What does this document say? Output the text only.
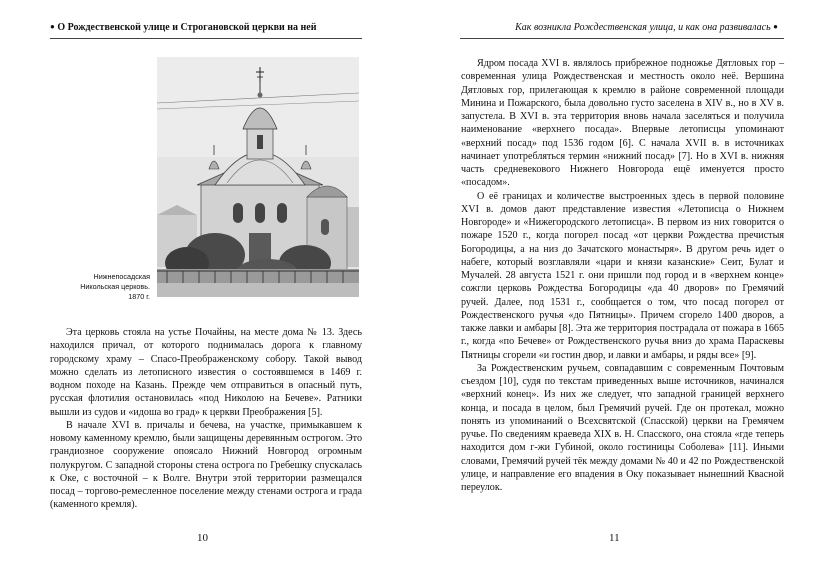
● О Рождественской улице и Строгановской церкви на ней
Нижнепосадская
Никольская церковь.
1870 г.

Эта церковь стояла на устье Почайны, на месте дома № 13. Здесь находился причал, от которого поднималась дорога к главному городскому храму – Спасо-Преображенскому собору. Такой вывод можно сделать из летописного известия о состоявшемся в 1469 г. водном походе на Казань. Прежде чем отправиться в опасный путь, русская флотилия остановилась «под Николою на Бечеве». Ратники вышли из судов и «идоша во град» к церкви Преображения [5].

В начале XVI в. причалы и бечева, на участке, примыкавшем к новому каменному кремлю, были защищены деревянным острогом. Это грандиозное сооружение опоясало Нижний Новгород огромным полукругом. С западной стороны стена острога по Гребешку спускалась к Оке, с восточной – к Волге. Внутри этой территории размещался посад – торгово-ремесленное поселение между стенами острога и града (каменного кремля).

10
Как возникла Рождественская улица, и как она развивалась ●

Ядром посада XVI в. являлось прибрежное подножье Дятловых гор – современная улица Рождественская и местность около неё. Вершина Дятловых гор, прилегающая к кремлю в районе современной площади Минина и Пожарского, была довольно густо заселена в XIV в., но в XV в. запустела. В XVI в. эта территория вновь начала заселяться и получила наименование «верхнего посада». Впервые летописцы упоминают «верхний посад» под 1536 годом [6]. С начала XVII в. в источниках начинает употребляться термин «нижний посад» [7]. Но в XVI в. нижняя часть средневекового Нижнего Новгорода ещё именуется просто «посадом».

О её границах и количестве выстроенных здесь в первой половине XVI в. домов дают представление известия «Летописца о Нижнем Новгороде» и «Нижегородского летописца». В первом из них говорится о пожаре 1520 г., когда погорел посад «от церкви Рождества пречистыя Богородицы, а на низ до Зачатского монастыря». В другом речь идет о набеге, который возглавляли «цари и князи казанские» Сеит, Булат и Мучалей. 28 августа 1521 г. они пришли под город и в «верхнем конце» сожгли церковь Рождества Богородицы «да 40 дворов» по Гремячий ручей. Далее, под 1531 г., сообщается о том, что посад погорел от Рождественского ручья «до Пятницы». Причем сгорело 1400 дворов, а также лавки и амбары [8]. Эта же территория пострадала от пожара в 1665 г., когда «по Бечеве» от Рождественского ручья вниз до храма Параскевы Пятницы сгорели «и гостин двор, и лавки и амбары, и ряды все» [9].

За Рождественским ручьем, совпадавшим с современным Почтовым съездом [10], судя по текстам приведенных выше источников, начинался «верхний конец». Из них же следует, что западной границей верхнего конца, и посада в целом, был Гремячий ручей. Где он протекал, можно понять из упоминаний о Всехсвятской (Спасской) церкви на Гремячем ручье. По сведениям краеведа XIX в. Н. Спасского, она стояла «где теперь находится дом г-жи Губиной, около гостиницы Соболева» [11]. Иными словами, Гремячий ручей тёк между домами № 40 и 42 по Рождественской улице, и направление его впадения в Оку показывает нынешний Квасной переулок.

11
